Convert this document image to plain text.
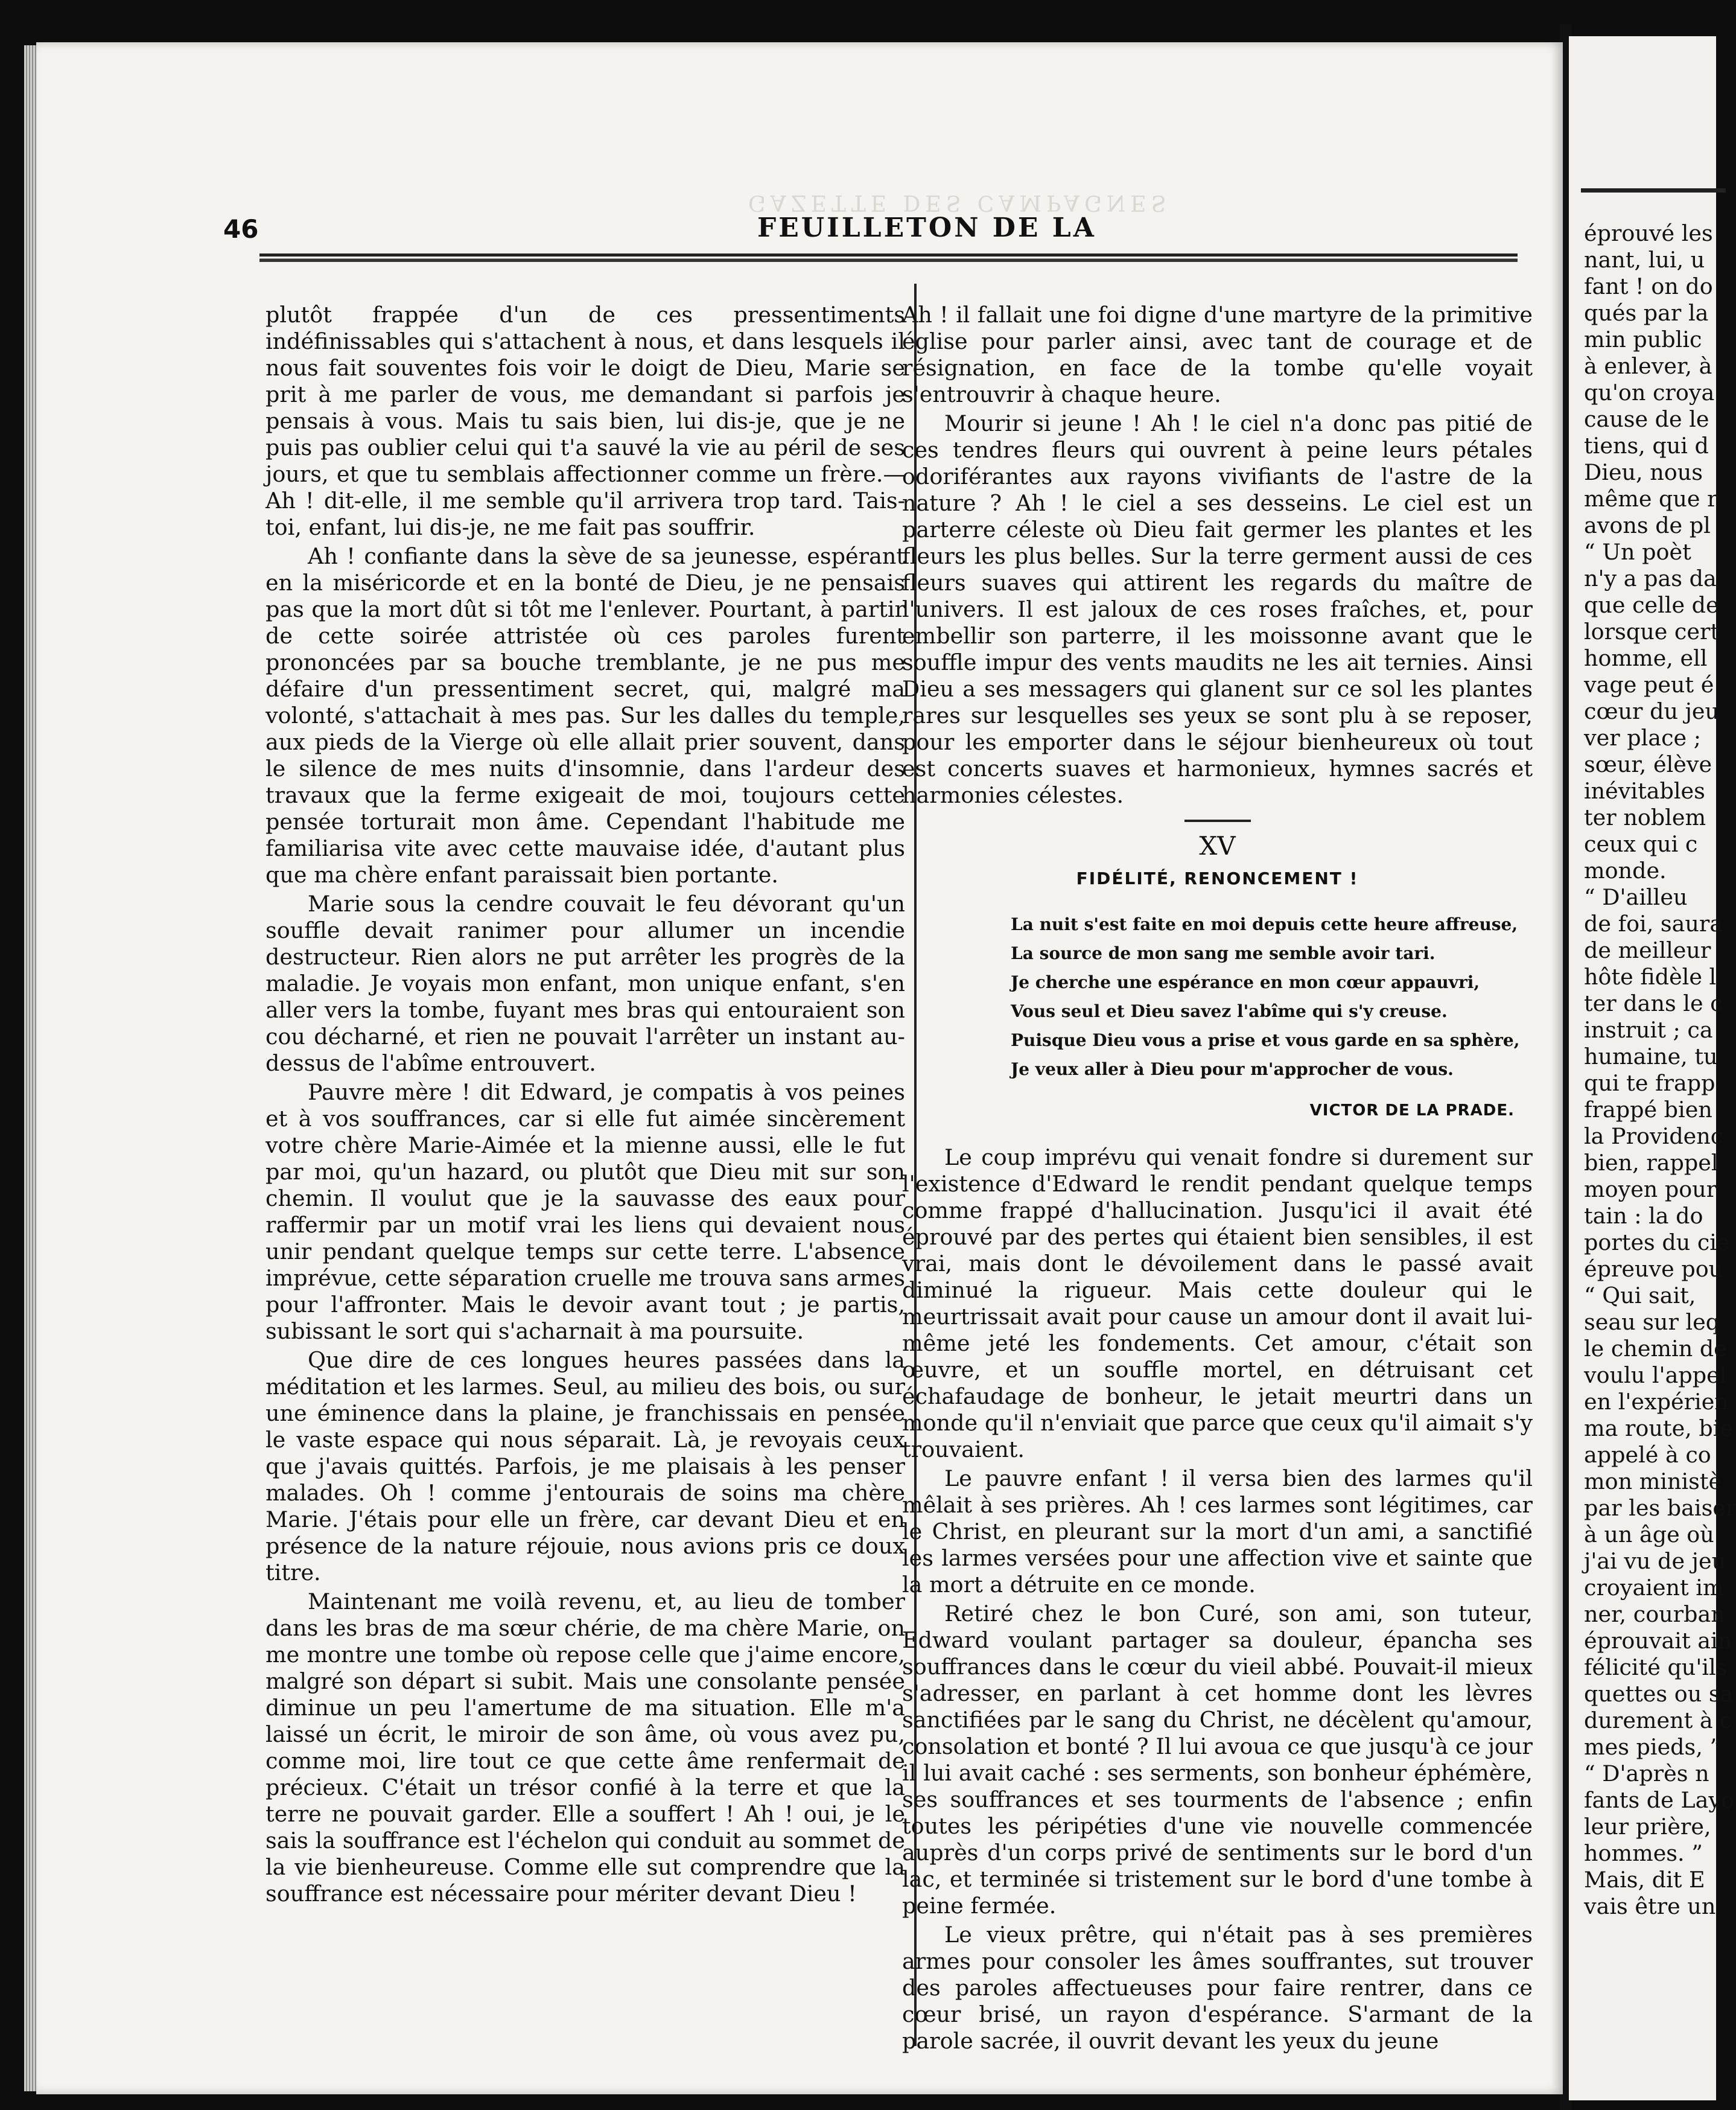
GAZETTE DES CAMPAGNES
46	FEUILLETON DE LA

plutôt frappée d'un de ces pressentiments indéfinissables qui s'attachent à nous, et dans lesquels il nous fait souventes fois voir le doigt de Dieu, Marie se prit à me parler de vous, me demandant si parfois je pensais à vous. Mais tu sais bien, lui dis-je, que je ne puis pas oublier celui qui t'a sauvé la vie au péril de ses jours, et que tu semblais affectionner comme un frère.—Ah ! dit-elle, il me semble qu'il arrivera trop tard. Tais-toi, enfant, lui dis-je, ne me fait pas souffrir.

Ah ! confiante dans la sève de sa jeunesse, espérant en la miséricorde et en la bonté de Dieu, je ne pensais pas que la mort dût si tôt me l'enlever. Pourtant, à partir de cette soirée attristée où ces paroles furent prononcées par sa bouche tremblante, je ne pus me défaire d'un pressentiment secret, qui, malgré ma volonté, s'attachait à mes pas. Sur les dalles du temple, aux pieds de la Vierge où elle allait prier souvent, dans le silence de mes nuits d'insomnie, dans l'ardeur des travaux que la ferme exigeait de moi, toujours cette pensée torturait mon âme. Cependant l'habitude me familiarisa vite avec cette mauvaise idée, d'autant plus que ma chère enfant paraissait bien portante.

Marie sous la cendre couvait le feu dévorant qu'un souffle devait ranimer pour allumer un incendie destructeur. Rien alors ne put arrêter les progrès de la maladie. Je voyais mon enfant, mon unique enfant, s'en aller vers la tombe, fuyant mes bras qui entouraient son cou décharné, et rien ne pouvait l'arrêter un instant au-dessus de l'abîme entrouvert.

Pauvre mère ! dit Edward, je compatis à vos peines et à vos souffrances, car si elle fut aimée sincèrement votre chère Marie-Aimée et la mienne aussi, elle le fut par moi, qu'un hazard, ou plutôt que Dieu mit sur son chemin. Il voulut que je la sauvasse des eaux pour raffermir par un motif vrai les liens qui devaient nous unir pendant quelque temps sur cette terre. L'absence imprévue, cette séparation cruelle me trouva sans armes pour l'affronter. Mais le devoir avant tout ; je partis, subissant le sort qui s'acharnait à ma poursuite.

Que dire de ces longues heures passées dans la méditation et les larmes. Seul, au milieu des bois, ou sur une éminence dans la plaine, je franchissais en pensée le vaste espace qui nous séparait. Là, je revoyais ceux que j'avais quittés. Parfois, je me plaisais à les penser malades. Oh ! comme j'entourais de soins ma chère Marie. J'étais pour elle un frère, car devant Dieu et en présence de la nature réjouie, nous avions pris ce doux titre.

Maintenant me voilà revenu, et, au lieu de tomber dans les bras de ma sœur chérie, de ma chère Marie, on me montre une tombe où repose celle que j'aime encore, malgré son départ si subit. Mais une consolante pensée diminue un peu l'amertume de ma situation. Elle m'a laissé un écrit, le miroir de son âme, où vous avez pu, comme moi, lire tout ce que cette âme renfermait de précieux. C'était un trésor confié à la terre et que la terre ne pouvait garder. Elle a souffert ! Ah ! oui, je le sais la souffrance est l'échelon qui conduit au sommet de la vie bienheureuse. Comme elle sut comprendre que la souffrance est nécessaire pour mériter devant Dieu !

Ah ! il fallait une foi digne d'une martyre de la primitive église pour parler ainsi, avec tant de courage et de résignation, en face de la tombe qu'elle voyait s'entrouvrir à chaque heure.

Mourir si jeune ! Ah ! le ciel n'a donc pas pitié de ces tendres fleurs qui ouvrent à peine leurs pétales odoriférantes aux rayons vivifiants de l'astre de la nature ? Ah ! le ciel a ses desseins. Le ciel est un parterre céleste où Dieu fait germer les plantes et les fleurs les plus belles. Sur la terre germent aussi de ces fleurs suaves qui attirent les regards du maître de l'univers. Il est jaloux de ces roses fraîches, et, pour embellir son parterre, il les moissonne avant que le souffle impur des vents maudits ne les ait ternies. Ainsi Dieu a ses messagers qui glanent sur ce sol les plantes rares sur lesquelles ses yeux se sont plu à se reposer, pour les emporter dans le séjour bienheureux où tout est concerts suaves et harmonieux, hymnes sacrés et harmonies célestes.

XV
FIDÉLITÉ, RENONCEMENT !
La nuit s'est faite en moi depuis cette heure affreuse,
La source de mon sang me semble avoir tari.
Je cherche une espérance en mon cœur appauvri,
Vous seul et Dieu savez l'abîme qui s'y creuse.
Puisque Dieu vous a prise et vous garde en sa sphère,
Je veux aller à Dieu pour m'approcher de vous.
VICTOR DE LA PRADE.

Le coup imprévu qui venait fondre si durement sur l'existence d'Edward le rendit pendant quelque temps comme frappé d'hallucination. Jusqu'ici il avait été éprouvé par des pertes qui étaient bien sensibles, il est vrai, mais dont le dévoilement dans le passé avait diminué la rigueur. Mais cette douleur qui le meurtrissait avait pour cause un amour dont il avait lui-même jeté les fondements. Cet amour, c'était son œuvre, et un souffle mortel, en détruisant cet échafaudage de bonheur, le jetait meurtri dans un monde qu'il n'enviait que parce que ceux qu'il aimait s'y trouvaient.

Le pauvre enfant ! il versa bien des larmes qu'il mêlait à ses prières. Ah ! ces larmes sont légitimes, car le Christ, en pleurant sur la mort d'un ami, a sanctifié les larmes versées pour une affection vive et sainte que la mort a détruite en ce monde.

Retiré chez le bon Curé, son ami, son tuteur, Edward voulant partager sa douleur, épancha ses souffrances dans le cœur du vieil abbé. Pouvait-il mieux s'adresser, en parlant à cet homme dont les lèvres sanctifiées par le sang du Christ, ne décèlent qu'amour, consolation et bonté ? Il lui avoua ce que jusqu'à ce jour il lui avait caché : ses serments, son bonheur éphémère, ses souffrances et ses tourments de l'absence ; enfin toutes les péripéties d'une vie nouvelle commencée auprès d'un corps privé de sentiments sur le bord d'un lac, et terminée si tristement sur le bord d'une tombe à peine fermée.

Le vieux prêtre, qui n'était pas à ses premières armes pour consoler les âmes souffrantes, sut trouver des paroles affectueuses pour faire rentrer, dans ce cœur brisé, un rayon d'espérance. S'armant de la parole sacrée, il ouvrit devant les yeux du jeune

éprouvé les
nant, lui, u
fant ! on do
qués par la
min public
à enlever, à
qu'on croya
cause de le
tiens, qui d
Dieu, nous
même que r
avons de pl
“ Un poèt
n'y a pas da
que celle de
lorsque cert
homme, ell
vage peut é
cœur du jeu
ver place ;
sœur, élève
inévitables
ter noblem
ceux qui c
monde.
“ D'ailleu
de foi, saura
de meilleur
hôte fidèle l
ter dans le c
instruit ; ca
humaine, tu
qui te frapp
frappé bien
la Providenc
bien, rappel
moyen pour
tain : la do
portes du cie
épreuve pou
“ Qui sait,
seau sur leq
le chemin de
voulu l'appel
en l'expérien
ma route, bie
appelé à co
mon ministè
par les baiser
à un âge où
j'ai vu de jeu
croyaient im
ner, courban
éprouvait ain
félicité qu'ils
quettes ou sa
durement à c
mes pieds, ”
“ D'après n
fants de Layo
leur prière,
hommes. ”
Mais, dit E
vais être un
